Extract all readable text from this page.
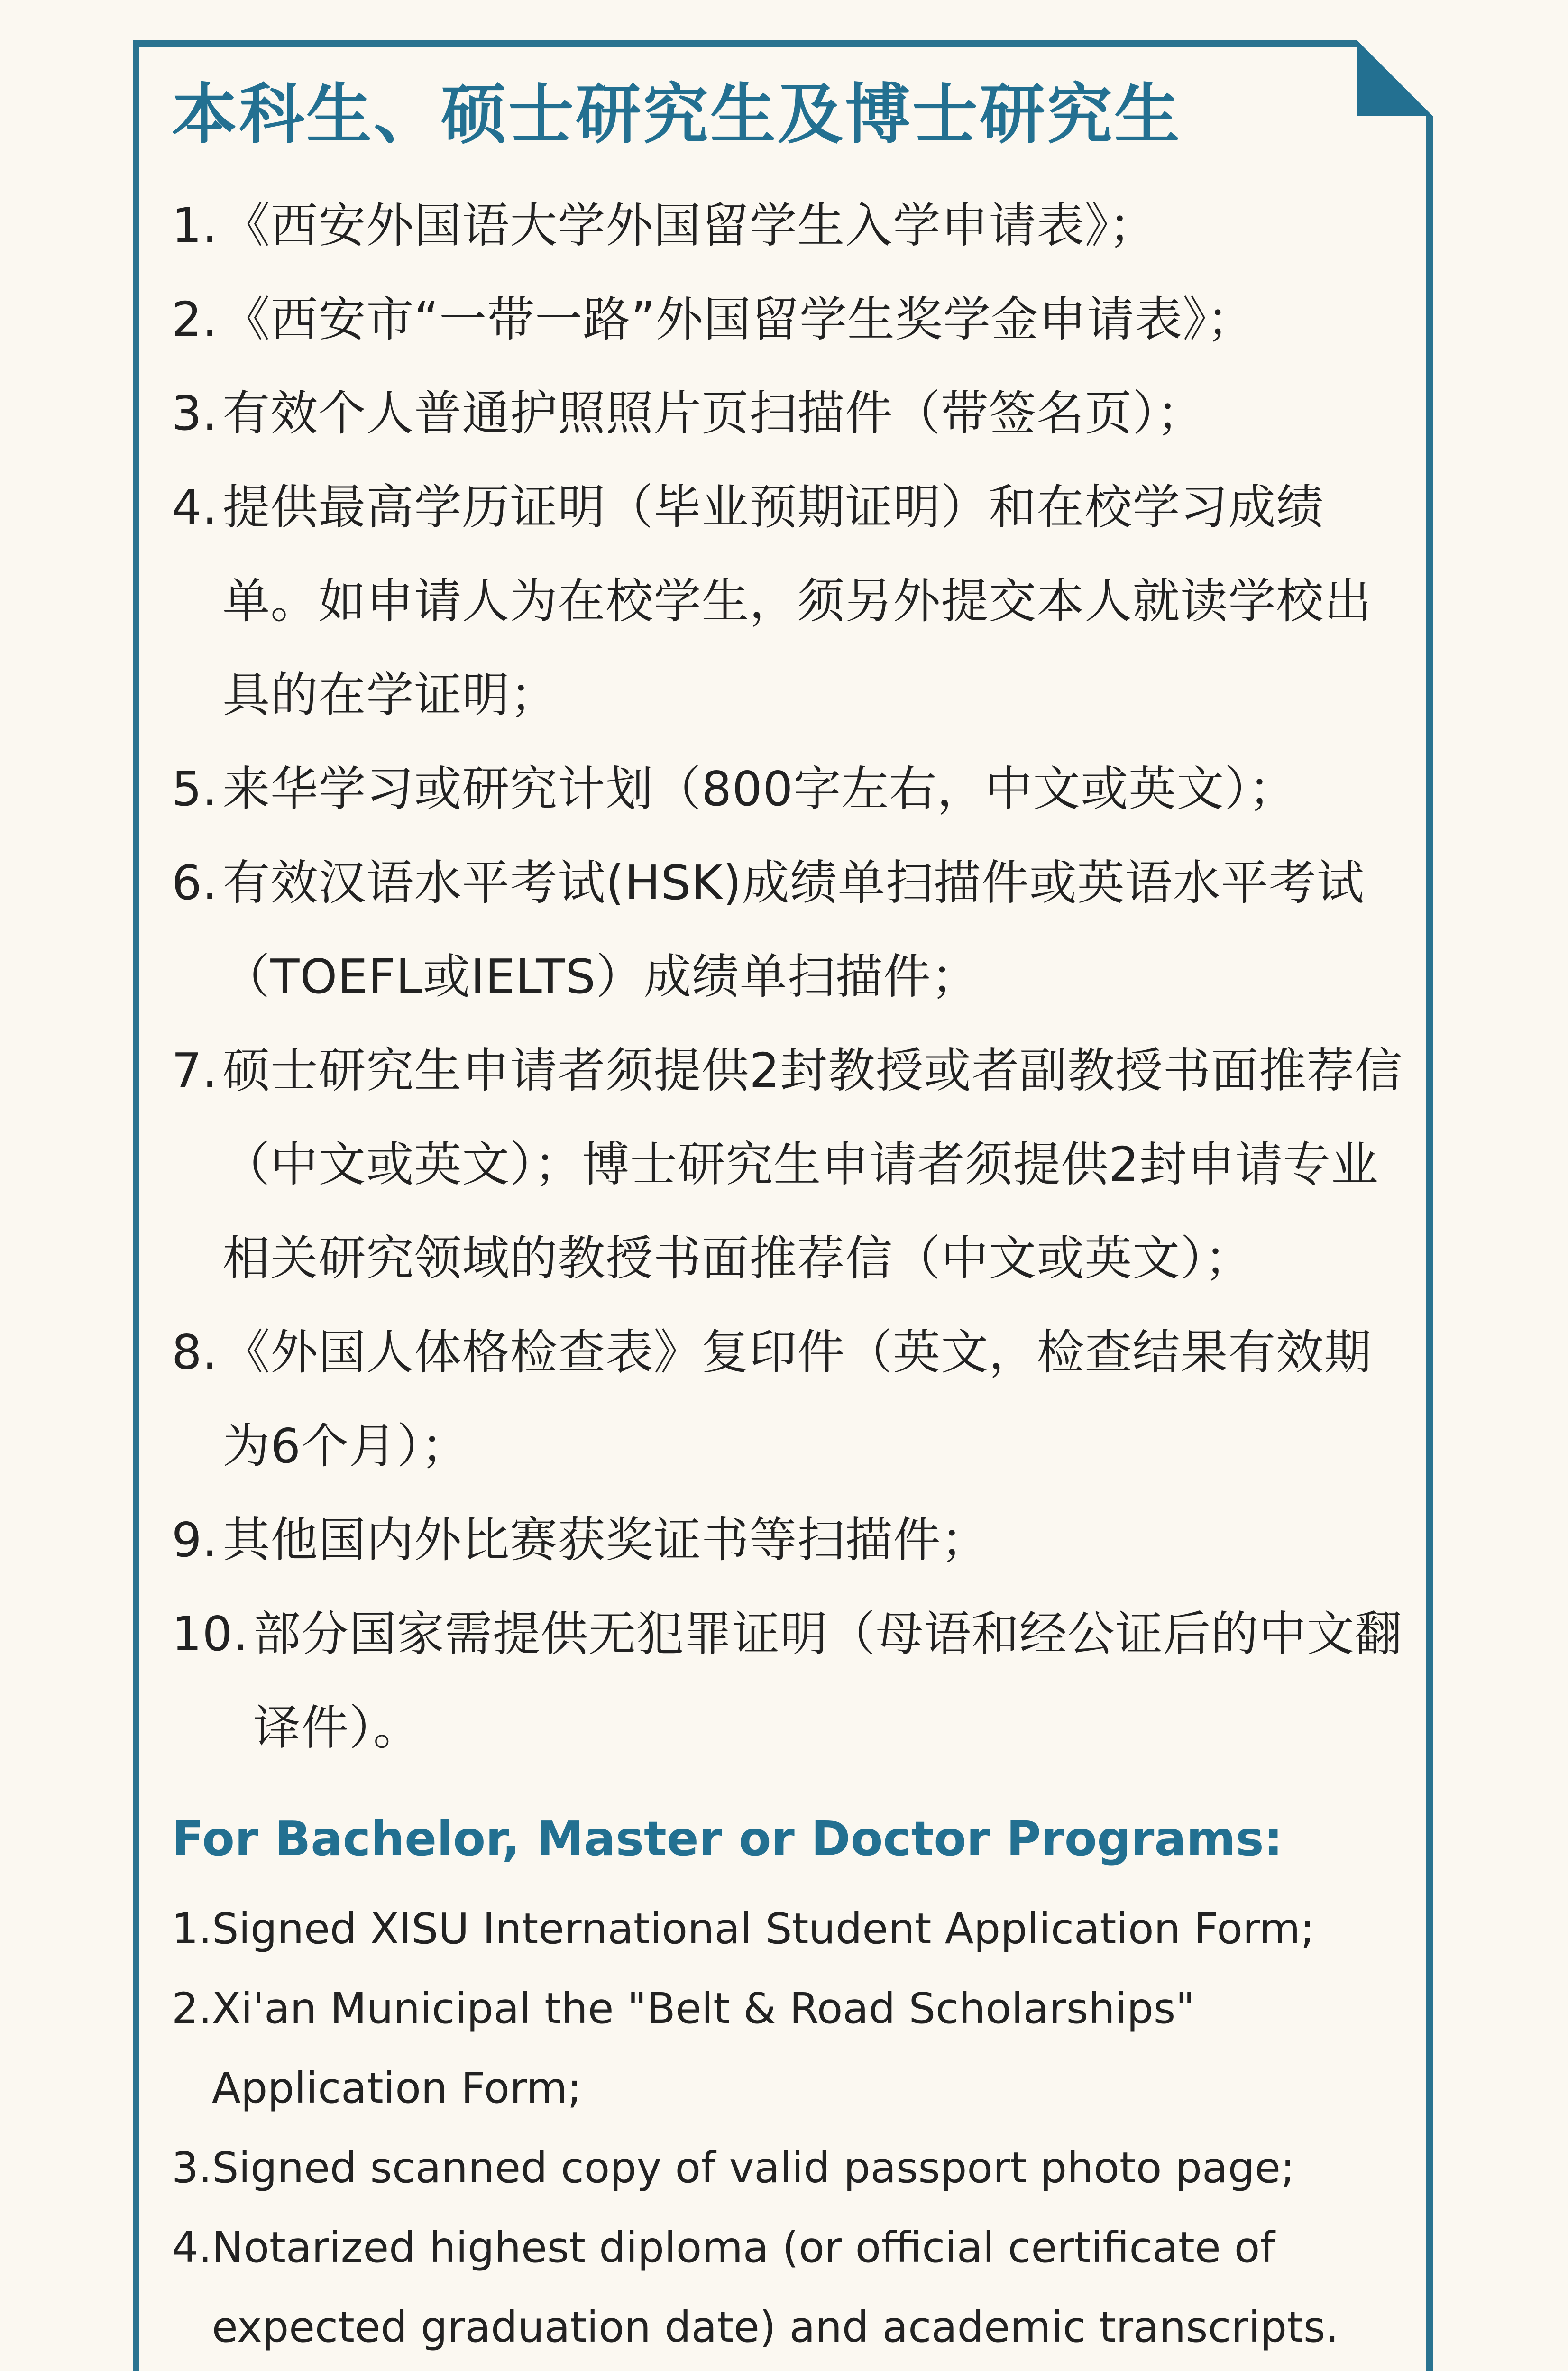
本科生、硕士研究生及博士研究生
1. 《西安外国语大学外国留学生入学申请表》；
2. 《西安市“一带一路”外国留学生奖学金申请表》；
3. 有效个人普通护照照片页扫描件（带签名页）；
4. 提供最高学历证明（毕业预期证明）和在校学习成绩单。如申请人为在校学生，须另外提交本人就读学校出具的在学证明；
5. 来华学习或研究计划（800字左右，中文或英文）；
6. 有效汉语水平考试(HSK)成绩单扫描件或英语水平考试（TOEFL或IELTS）成绩单扫描件；
7. 硕士研究生申请者须提供2封教授或者副教授书面推荐信（中文或英文）；博士研究生申请者须提供2封申请专业相关研究领域的教授书面推荐信（中文或英文）；
8. 《外国人体格检查表》复印件（英文，检查结果有效期为6个月）；
9. 其他国内外比赛获奖证书等扫描件；
10. 部分国家需提供无犯罪证明（母语和经公证后的中文翻译件）。
For Bachelor, Master or Doctor Programs:
1. Signed XISU International Student Application Form;
2. Xi'an Municipal the "Belt & Road Scholarships" Application Form;
3. Signed scanned copy of valid passport photo page;
4. Notarized highest diploma (or official certificate of expected graduation date) and academic transcripts.
